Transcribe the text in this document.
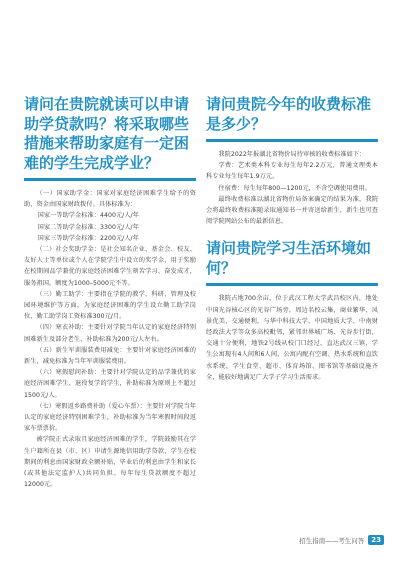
请问在贵院就读可以申请助学贷款吗？将采取哪些措施来帮助家庭有一定困难的学生完成学业？

（一）国家助学金：国家对家庭经济困难学生给予的资助，资金由国家财政拨付。具体标准为：

国家一等助学金标准：4400元/人/年

国家二等助学金标准：3300元/人/年

国家三等助学金标准：2200元/人/年

（二）社会奖助学金：是社会知名企业、基金会、校友、友好人士等单位或个人在学院学生中设立的奖学金，用于奖励在校期间品学兼优的家庭经济困难学生刻苦学习、奋发成才，服务祖国。额度为1000–5000元不等。

（三）勤工助学：主要指在学院的教学、科研、管理及校园环境维护等方面，为家庭经济困难的学生设立勤工助学岗位，勤工助学岗工资标准300元/月。

（四）寒衣补助：主要针对学院当年认定的家庭经济特别困难新生及部分老生，补助标准为200元/人左右。

（五）新生军训服装费用减免：主要针对家庭经济困难的新生，减免标准为当年军训服装费用。

（六）寒假慰问补助：主要针对学院认定的品学兼优的家庭经济困难学生、退役复学的学生，补助标准为原则上不超过1500元/人。

（七）寒假返乡路费补助（爱心车票）：主要针对学院当年认定的家庭经济特别困难学生，补助标准为当年寒假时间段返家车票票价。

被学院正式录取且家庭经济困难的学生，学院鼓励其在学生户籍所在县（市、区）申请生源地信用助学贷款，学生在校期间的利息由国家财政全额补贴，毕业后的利息由学生和家长(或其他法定监护人)共同负担。每年每生贷款额度不超过12000元。

请问贵院今年的收费标准是多少？

我院2022年报湖北省物价局待审核的收费标准如下：

学费：艺术类本科专业每生每年2.2万元，普通文理类本科专业每生每年1.9万元。

住宿费：每生每年800—1200元，不含空调使用费用。

最终收费标准以湖北省物价局备案确定的结果为准，我院会将最终收费标准随录取通知书一并寄送给新生，新生也可查阅学院网站公布的最新信息。

请问贵院学习生活环境如何？

我院占地700余亩，位于武汉工程大学武昌校区内，地处中国光谷核心区的光谷广场旁，周边名校云集，商业繁华、风景优美、交通便利，与华中科技大学、中国地质大学、中南财经政法大学等众多高校毗邻，紧邻世界城广场、光谷步行街，交通十分便利，地铁2号线从校门口经过，直达武汉三镇，学生公寓现有4人间和6人间，公寓内配有空调、热水系统和直饮水系统，学生食堂、超市、体育场馆、图书馆等基础设施齐全，能较好地满足广大学子学习生活需求。

招生指南——考生问答	23
